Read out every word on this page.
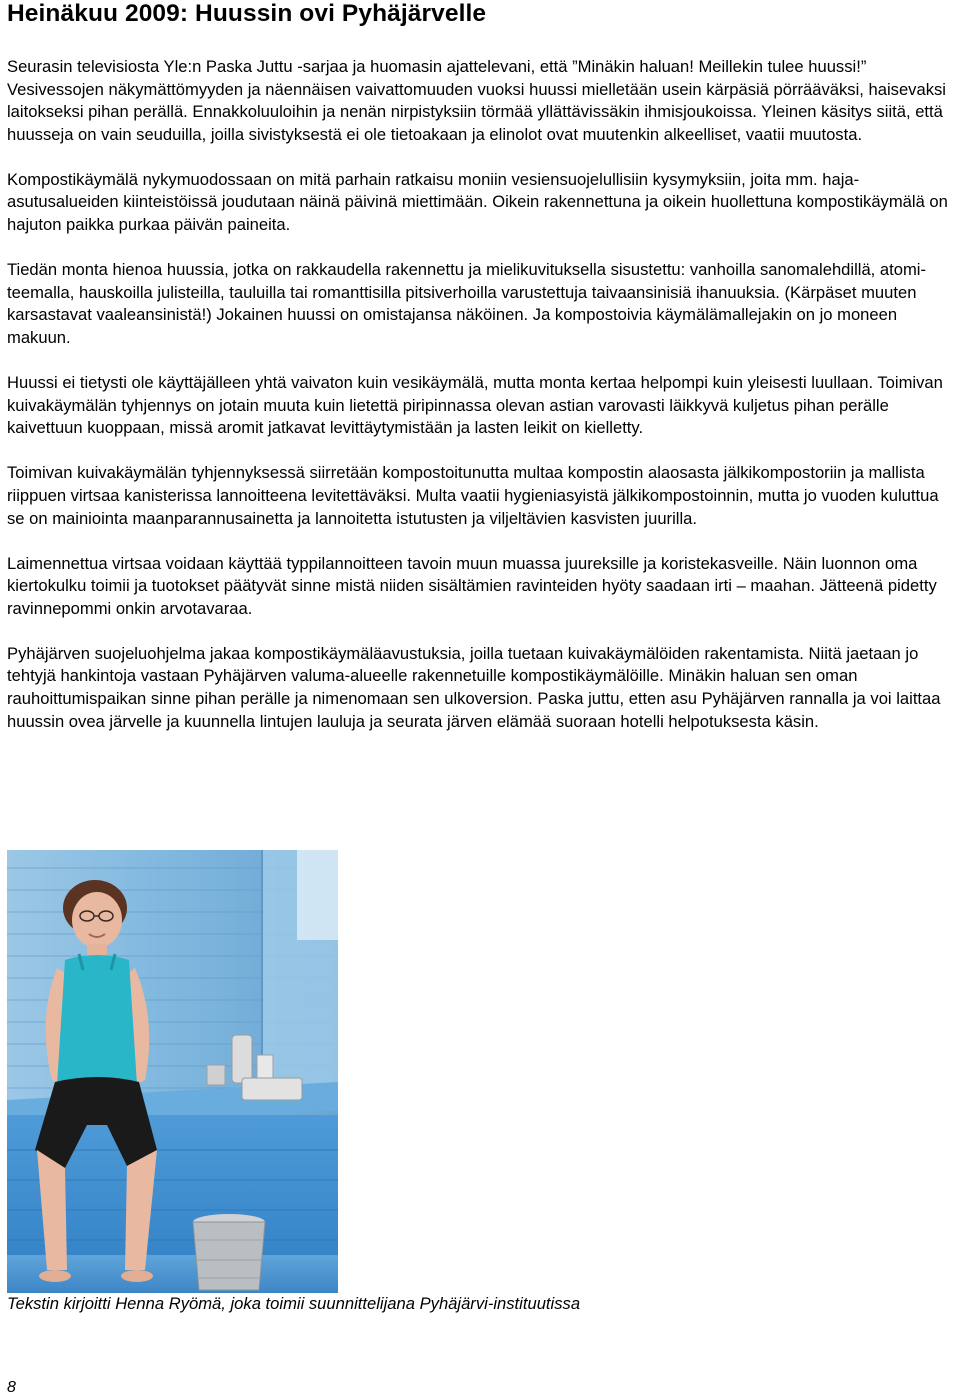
Heinäkuu 2009: Huussin ovi Pyhäjärvelle

Seurasin televisiosta Yle:n Paska Juttu -sarjaa ja huomasin ajattelevani, että ”Minäkin haluan! Meillekin tulee huussi!” Vesivessojen näkymättömyyden ja näennäisen vaivattomuuden vuoksi huussi mielletään usein kärpäsiä pörrääväksi, haisevaksi laitokseksi pihan perällä. Ennakkoluuloihin ja nenän nirpistyksiin törmää yllättävissäkin ihmisjoukoissa. Yleinen käsitys siitä, että huusseja on vain seuduilla, joilla sivistyksestä ei ole tietoakaan ja elinolot ovat muutenkin alkeelliset, vaatii muutosta.

Kompostikäymälä nykymuodossaan on mitä parhain ratkaisu moniin vesiensuojelullisiin kysymyksiin, joita mm. haja-asutusalueiden kiinteistöissä joudutaan näinä päivinä miettimään. Oikein rakennettuna ja oikein huollettuna kompostikäymälä on hajuton paikka purkaa päivän paineita.

Tiedän monta hienoa huussia, jotka on rakkaudella rakennettu ja mielikuvituksella sisustettu: vanhoilla sanomalehdillä, atomi-teemalla, hauskoilla julisteilla, tauluilla tai romanttisilla pitsiverhoilla varustettuja taivaansinisiä ihanuuksia. (Kärpäset muuten karsastavat vaaleansinistä!) Jokainen huussi on omistajansa näköinen. Ja kompostoivia käymälämallejakin on jo moneen makuun.

Huussi ei tietysti ole käyttäjälleen yhtä vaivaton kuin vesikäymälä, mutta monta kertaa helpompi kuin yleisesti luullaan. Toimivan kuivakäymälän tyhjennys on jotain muuta kuin lietettä piripinnassa olevan astian varovasti läikkyvä kuljetus pihan perälle kaivettuun kuoppaan, missä aromit jatkavat levittäytymistään ja lasten leikit on kielletty.

Toimivan kuivakäymälän tyhjennyksessä siirretään kompostoitunutta multaa kompostin alaosasta jälkikompostoriin ja mallista riippuen virtsaa kanisterissa lannoitteena levitettäväksi. Multa vaatii hygieniasyistä jälkikompostoinnin, mutta jo vuoden kuluttua se on mainiointa maanparannusainetta ja lannoitetta istutusten ja viljeltävien kasvisten juurilla.

Laimennettua virtsaa voidaan käyttää typpilannoitteen tavoin muun muassa juureksille ja koristekasveille. Näin luonnon oma kiertokulku toimii ja tuotokset päätyvät sinne mistä niiden sisältämien ravinteiden hyöty saadaan irti – maahan. Jätteenä pidetty ravinnepommi onkin arvotavaraa.

Pyhäjärven suojeluohjelma jakaa kompostikäymäläavustuksia, joilla tuetaan kuivakäymälöiden rakentamista. Niitä jaetaan jo tehtyjä hankintoja vastaan Pyhäjärven valuma-alueelle rakennetuille kompostikäymälöille. Minäkin haluan sen oman rauhoittumispaikan sinne pihan perälle ja nimenomaan sen ulkoversion. Paska juttu, etten asu Pyhäjärven rannalla ja voi laittaa huussin ovea järvelle ja kuunnella lintujen lauluja ja seurata järven elämää suoraan hotelli helpotuksesta käsin.

Tekstin kirjoitti Henna Ryömä, joka toimii suunnittelijana Pyhäjärvi-instituutissa

8
